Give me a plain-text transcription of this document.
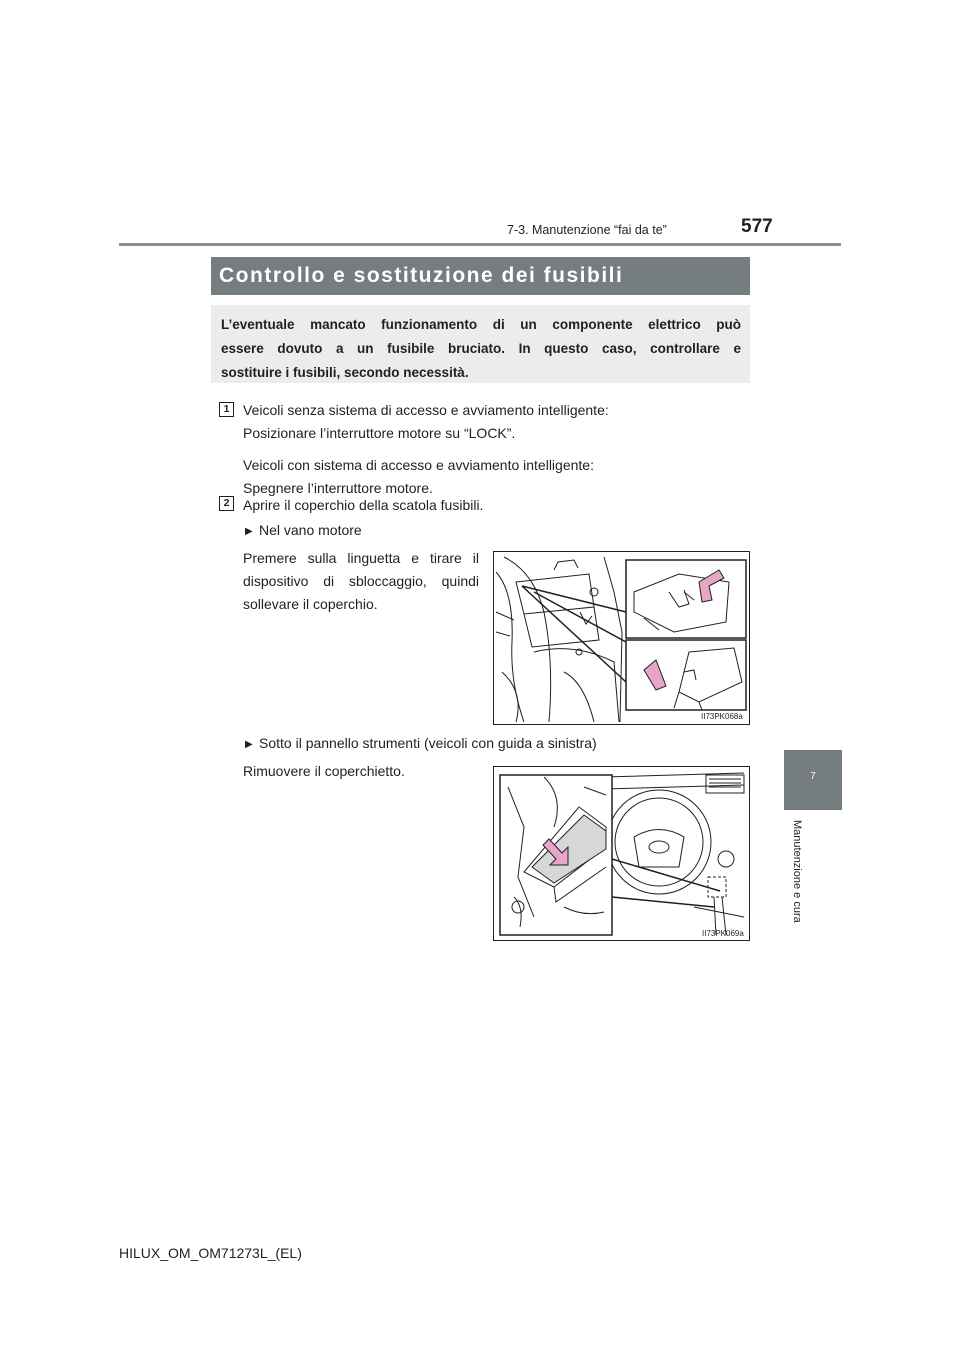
7-3. Manutenzione “fai da te”	577
Controllo e sostituzione dei fusibili
L’eventuale mancato funzionamento di un componente elettrico può
essere dovuto a un fusibile bruciato. In questo caso, controllare e
sostituire i fusibili, secondo necessità.
1 Veicoli senza sistema di accesso e avviamento intelligente:
Posizionare l’interruttore motore su “LOCK”.
Veicoli con sistema di accesso e avviamento intelligente:
Spegnere l’interruttore motore.
2 Aprire il coperchio della scatola fusibili.
▶ Nel vano motore
Premere sulla linguetta e tirare il
dispositivo di sbloccaggio, quindi
sollevare il coperchio.
II73PK068a
▶ Sotto il pannello strumenti (veicoli con guida a sinistra)
Rimuovere il coperchietto.
II73PK069a
7
Manutenzione e cura
HILUX_OM_OM71273L_(EL)
